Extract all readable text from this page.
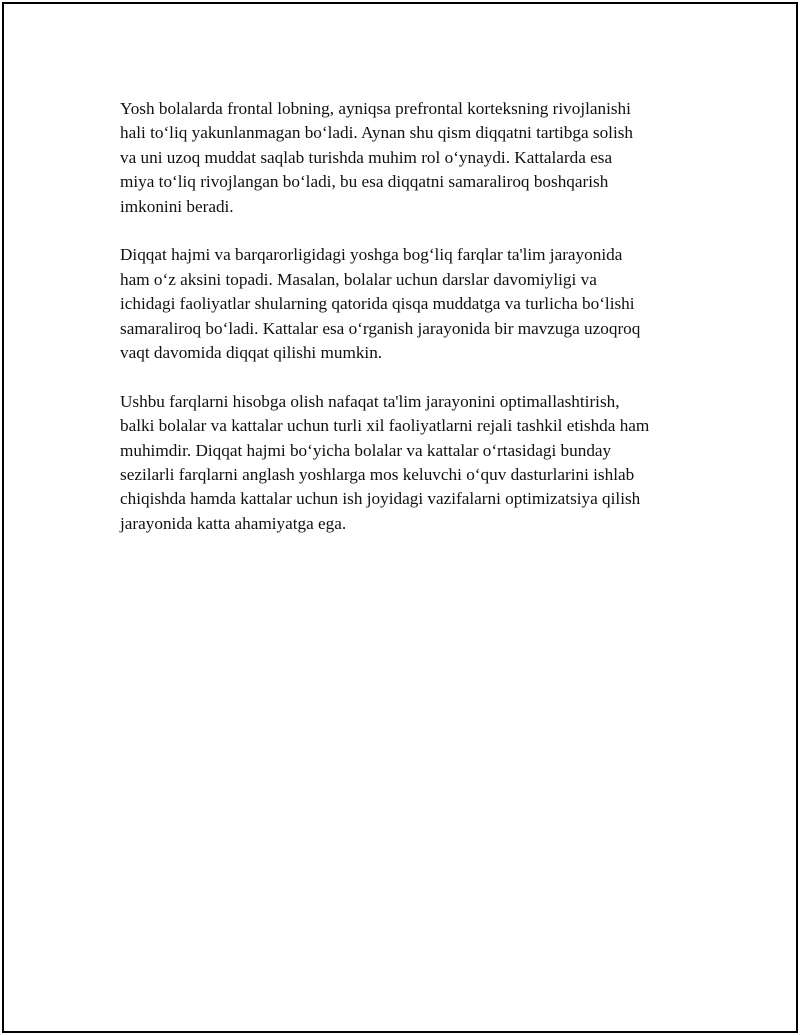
Yosh bolalarda frontal lobning, ayniqsa prefrontal korteksning rivojlanishi
hali to‘liq yakunlanmagan bo‘ladi. Aynan shu qism diqqatni tartibga solish
va uni uzoq muddat saqlab turishda muhim rol o‘ynaydi. Kattalarda esa
miya to‘liq rivojlangan bo‘ladi, bu esa diqqatni samaraliroq boshqarish
imkonini beradi.

Diqqat hajmi va barqarorligidagi yoshga bog‘liq farqlar ta'lim jarayonida
ham o‘z aksini topadi. Masalan, bolalar uchun darslar davomiyligi va
ichidagi faoliyatlar shularning qatorida qisqa muddatga va turlicha bo‘lishi
samaraliroq bo‘ladi. Kattalar esa o‘rganish jarayonida bir mavzuga uzoqroq
vaqt davomida diqqat qilishi mumkin.

Ushbu farqlarni hisobga olish nafaqat ta'lim jarayonini optimallashtirish,
balki bolalar va kattalar uchun turli xil faoliyatlarni rejali tashkil etishda ham
muhimdir. Diqqat hajmi bo‘yicha bolalar va kattalar o‘rtasidagi bunday
sezilarli farqlarni anglash yoshlarga mos keluvchi o‘quv dasturlarini ishlab
chiqishda hamda kattalar uchun ish joyidagi vazifalarni optimizatsiya qilish
jarayonida katta ahamiyatga ega.
